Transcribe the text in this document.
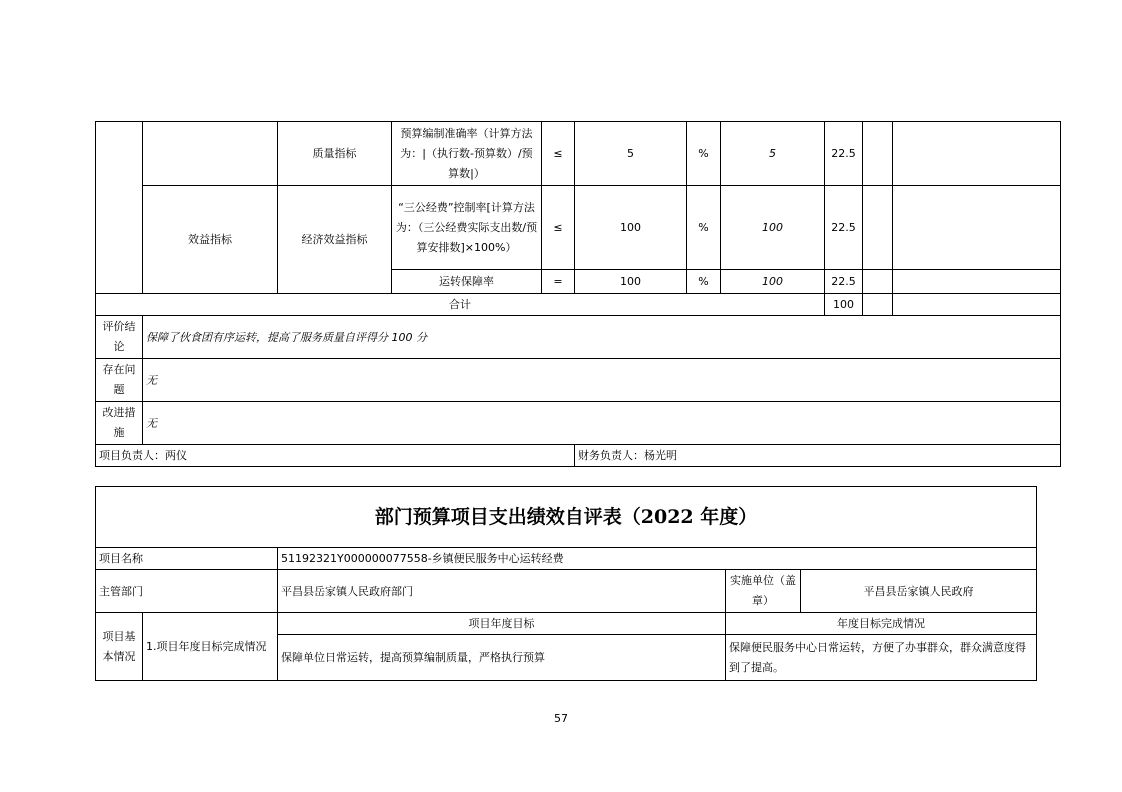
		质量指标	预算编制准确率（计算方法为：|（执行数-预算数）/预算数|）	≤	5	%	5	22.5		
	效益指标	经济效益指标	“三公经费”控制率[计算方法为：（三公经费实际支出数/预算安排数]×100%）	≤	100	%	100	22.5		
			运转保障率	=	100	%	100	22.5		
合计								100		
评价结论	保障了伙食团有序运转，提高了服务质量自评得分 100 分									
存在问题	无									
改进措施	无									
项目负责人：两仪					财务负责人：杨光明					
部门预算项目支出绩效自评表（2022 年度）				
项目名称		51192321Y000000077558-乡镇便民服务中心运转经费		
主管部门		平昌县岳家镇人民政府部门	实施单位（盖章）	平昌县岳家镇人民政府
项目基本情况	1.项目年度目标完成情况	项目年度目标	年度目标完成情况	
		保障单位日常运转，提高预算编制质量，严格执行预算	保障便民服务中心日常运转，方便了办事群众，群众满意度得到了提高。	
57
